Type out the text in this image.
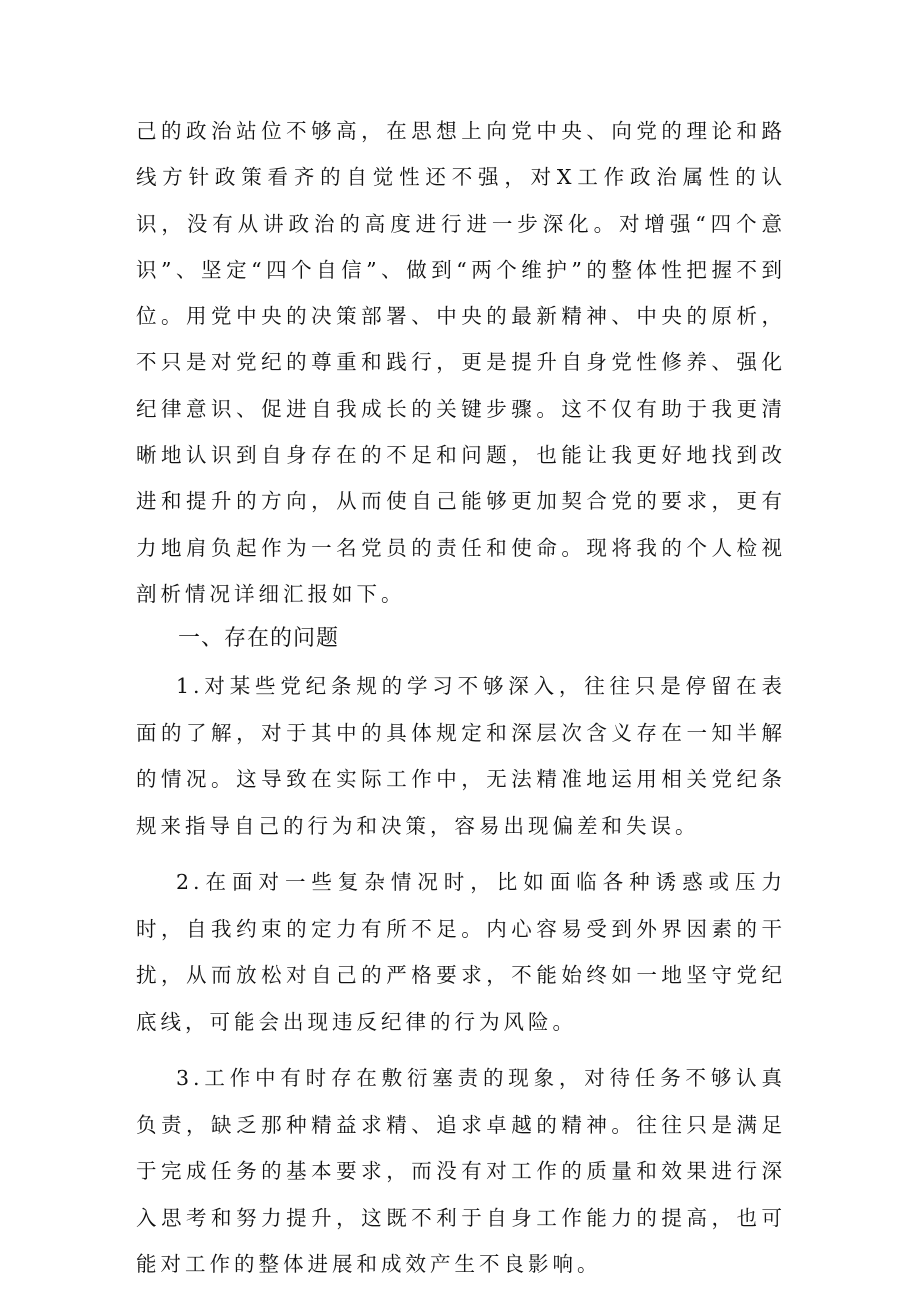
己的政治站位不够高，在思想上向党中央、向党的理论和路线方针政策看齐的自觉性还不强，对X工作政治属性的认识，没有从讲政治的高度进行进一步深化。对增强“四个意识”、坚定“四个自信”、做到“两个维护”的整体性把握不到位。用党中央的决策部署、中央的最新精神、中央的原析，不只是对党纪的尊重和践行，更是提升自身党性修养、强化纪律意识、促进自我成长的关键步骤。这不仅有助于我更清晰地认识到自身存在的不足和问题，也能让我更好地找到改进和提升的方向，从而使自己能够更加契合党的要求，更有力地肩负起作为一名党员的责任和使命。现将我的个人检视剖析情况详细汇报如下。

一、存在的问题

1.对某些党纪条规的学习不够深入，往往只是停留在表面的了解，对于其中的具体规定和深层次含义存在一知半解的情况。这导致在实际工作中，无法精准地运用相关党纪条规来指导自己的行为和决策，容易出现偏差和失误。

2.在面对一些复杂情况时，比如面临各种诱惑或压力时，自我约束的定力有所不足。内心容易受到外界因素的干扰，从而放松对自己的严格要求，不能始终如一地坚守党纪底线，可能会出现违反纪律的行为风险。

3.工作中有时存在敷衍塞责的现象，对待任务不够认真负责，缺乏那种精益求精、追求卓越的精神。往往只是满足于完成任务的基本要求，而没有对工作的质量和效果进行深入思考和努力提升，这既不利于自身工作能力的提高，也可能对工作的整体进展和成效产生不良影响。
